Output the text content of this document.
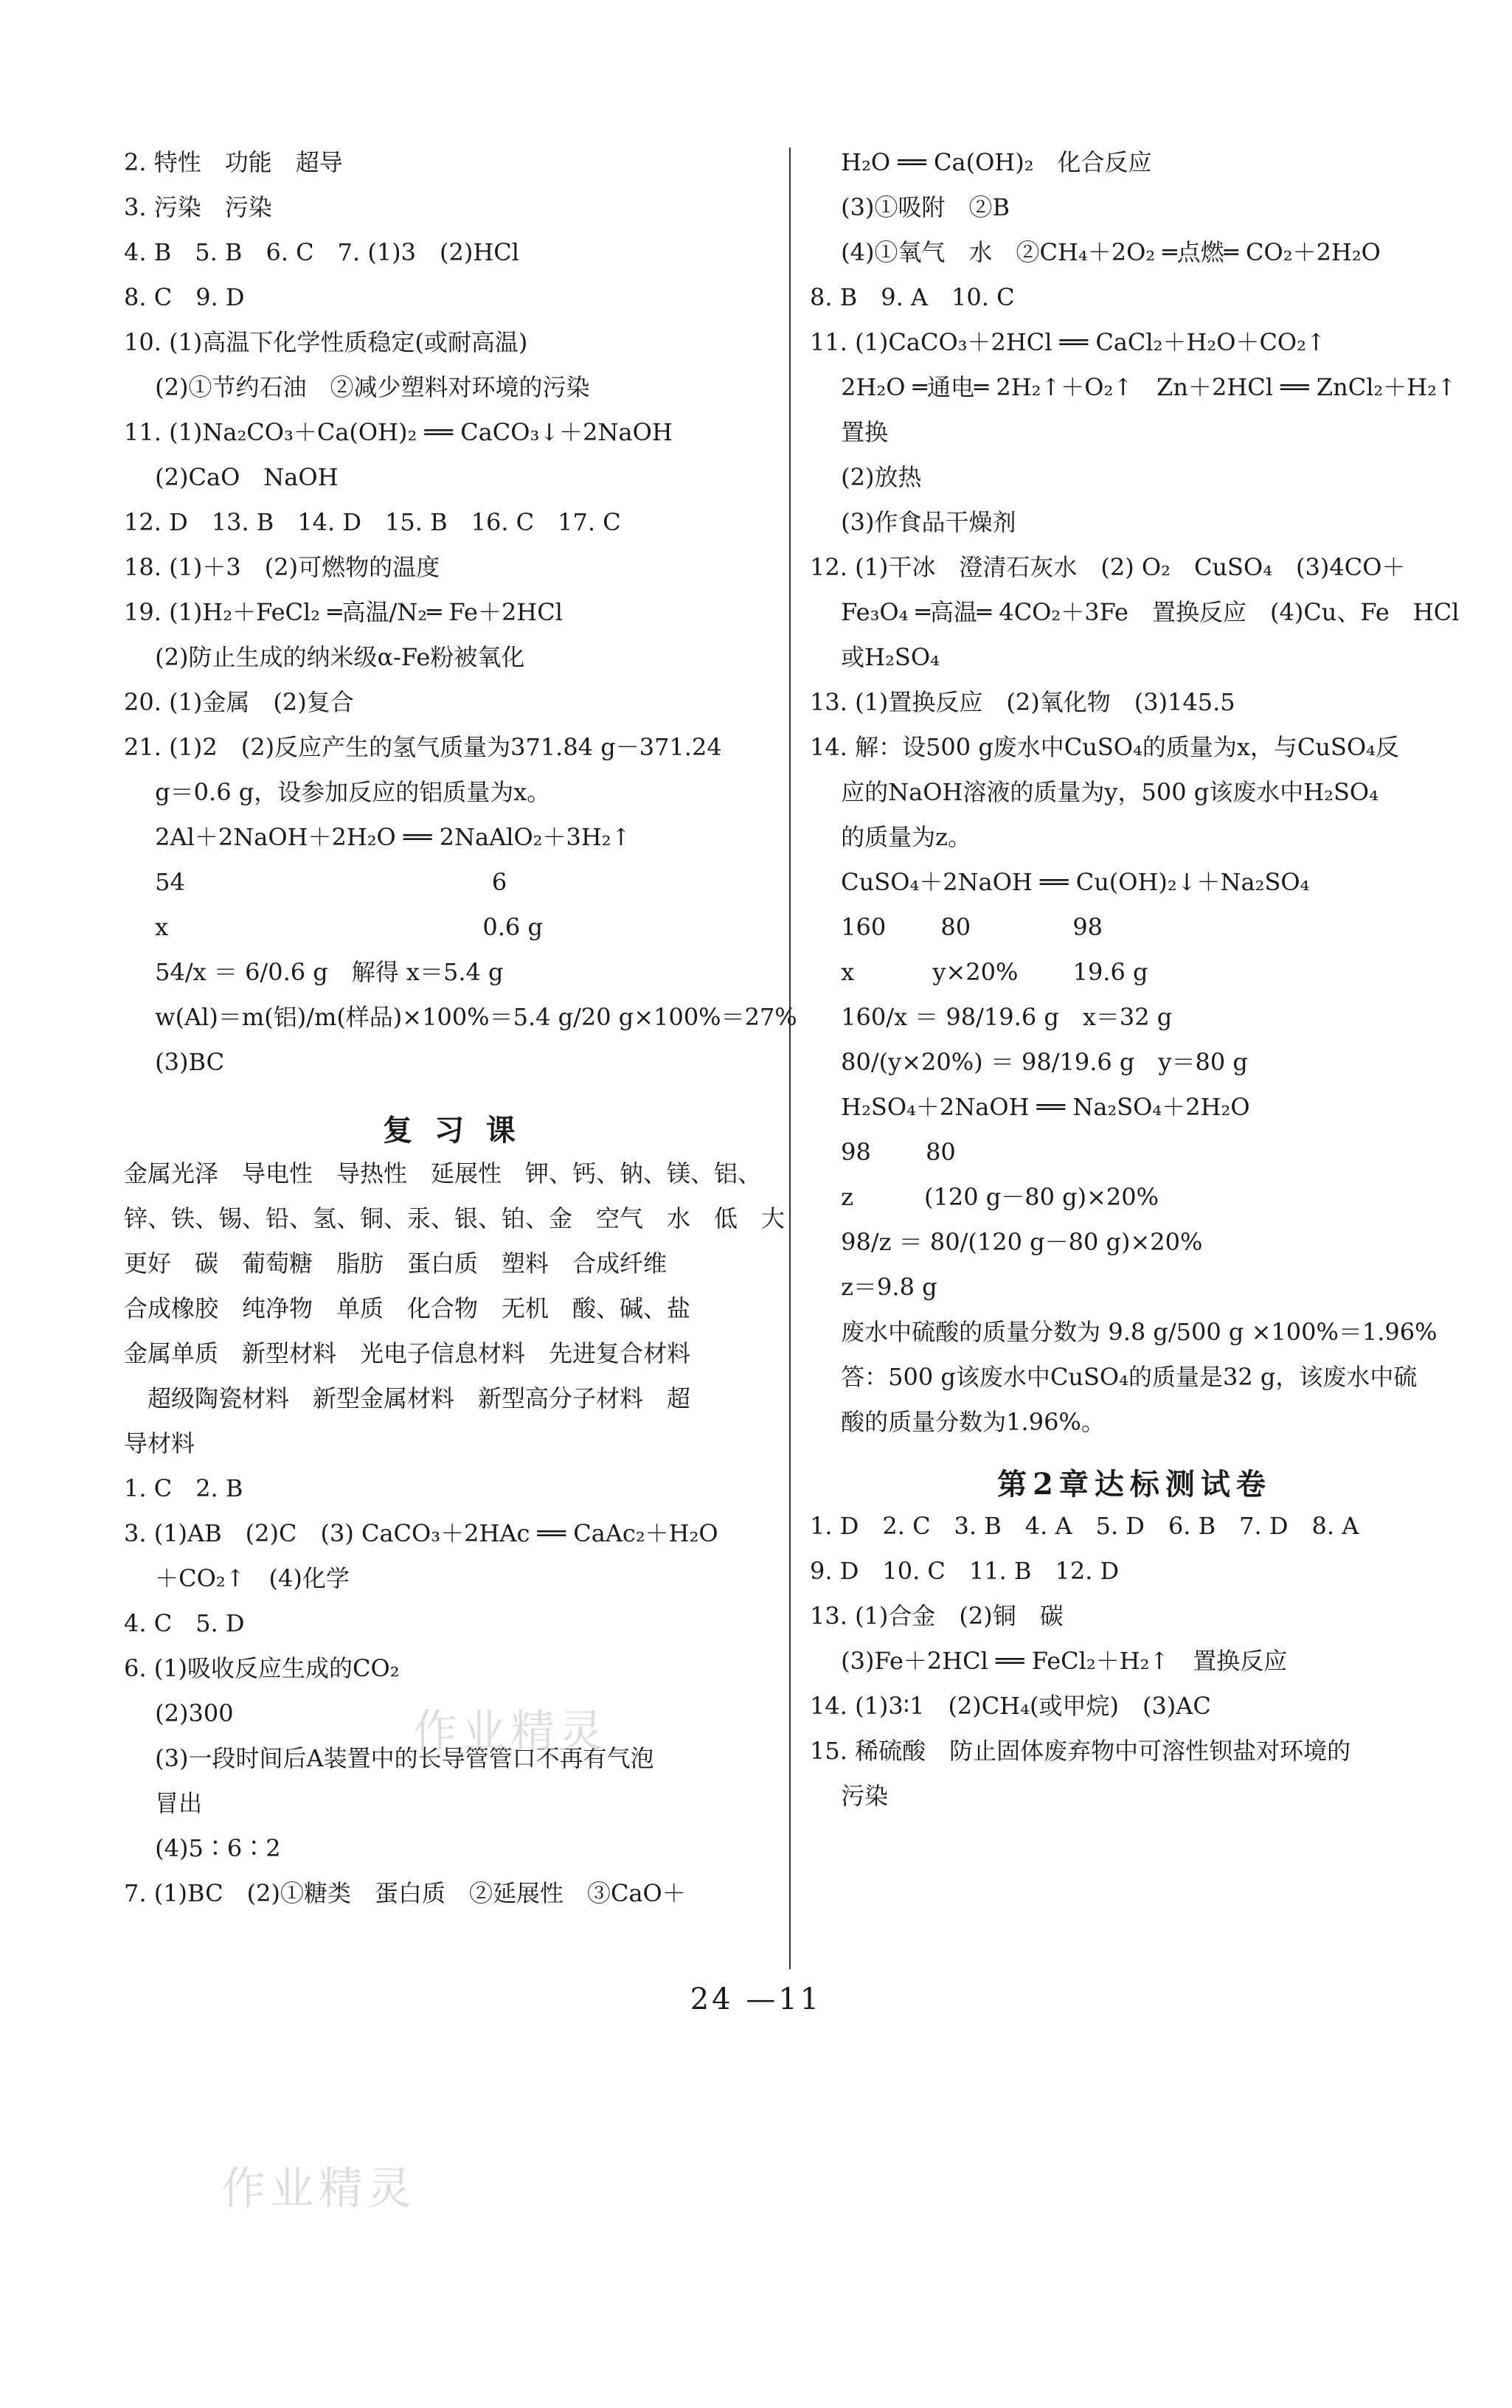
2. 特性　功能　超导
3. 污染　污染
4. B　5. B　6. C　7. (1)3　(2)HCl
8. C　9. D
10. (1)高温下化学性质稳定(或耐高温)
　 (2)①节约石油　②减少塑料对环境的污染
11. (1)Na₂CO₃＋Ca(OH)₂ ══ CaCO₃↓＋2NaOH
　 (2)CaO　NaOH
12. D　13. B　14. D　15. B　16. C　17. C
18. (1)＋3　(2)可燃物的温度
19. (1)H₂＋FeCl₂ ═高温/N₂═ Fe＋2HCl
　 (2)防止生成的纳米级α-Fe粉被氧化
20. (1)金属　(2)复合
21. (1)2　(2)反应产生的氢气质量为371.84 g－371.24
　 g＝0.6 g，设参加反应的铝质量为x。
　 2Al＋2NaOH＋2H₂O ══ 2NaAlO₂＋3H₂↑
　 54　　　　　　　　　　　　　6
　 x　　　　　　　　　　　　　 0.6 g
　 54/x ＝ 6/0.6 g　解得 x＝5.4 g
　 w(Al)＝m(铝)/m(样品)×100%＝5.4 g/20 g×100%＝27%
　 (3)BC
复 习 课
金属光泽　导电性　导热性　延展性　钾、钙、钠、镁、铝、
锌、铁、锡、铅、氢、铜、汞、银、铂、金　空气　水　低　大
更好　碳　葡萄糖　脂肪　蛋白质　塑料　合成纤维
合成橡胶　纯净物　单质　化合物　无机　酸、碱、盐
金属单质　新型材料　光电子信息材料　先进复合材料
　超级陶瓷材料　新型金属材料　新型高分子材料　超
导材料
1. C　2. B
3. (1)AB　(2)C　(3) CaCO₃＋2HAc ══ CaAc₂＋H₂O
　 ＋CO₂↑　(4)化学
4. C　5. D
6. (1)吸收反应生成的CO₂
　 (2)300
　 (3)一段时间后A装置中的长导管管口不再有气泡
　 冒出
　 (4)5∶6∶2
7. (1)BC　(2)①糖类　蛋白质　②延展性　③CaO＋
　 H₂O ══ Ca(OH)₂　化合反应
　 (3)①吸附　②B
　 (4)①氧气　水　②CH₄＋2O₂ ═点燃═ CO₂＋2H₂O
8. B　9. A　10. C
11. (1)CaCO₃＋2HCl ══ CaCl₂＋H₂O＋CO₂↑
　 2H₂O ═通电═ 2H₂↑＋O₂↑　Zn＋2HCl ══ ZnCl₂＋H₂↑
　 置换
　 (2)放热
　 (3)作食品干燥剂
12. (1)干冰　澄清石灰水　(2) O₂　CuSO₄　(3)4CO＋
　 Fe₃O₄ ═高温═ 4CO₂＋3Fe　置换反应　(4)Cu、Fe　HCl
　 或H₂SO₄
13. (1)置换反应　(2)氧化物　(3)145.5
14. 解：设500 g废水中CuSO₄的质量为x，与CuSO₄反
　 应的NaOH溶液的质量为y，500 g该废水中H₂SO₄
　 的质量为z。
　 CuSO₄＋2NaOH ══ Cu(OH)₂↓＋Na₂SO₄
　 160　　 80　　　　 98
　 x　　　 y×20%　　 19.6 g
　 160/x ＝ 98/19.6 g　x＝32 g
　 80/(y×20%) ＝ 98/19.6 g　y＝80 g
　 H₂SO₄＋2NaOH ══ Na₂SO₄＋2H₂O
　 98　　 80
　 z　　　(120 g－80 g)×20%
　 98/z ＝ 80/(120 g－80 g)×20%
　 z＝9.8 g
　 废水中硫酸的质量分数为 9.8 g/500 g ×100%＝1.96%
　 答：500 g该废水中CuSO₄的质量是32 g，该废水中硫
　 酸的质量分数为1.96%。
第2章达标测试卷
1. D　2. C　3. B　4. A　5. D　6. B　7. D　8. A
9. D　10. C　11. B　12. D
13. (1)合金　(2)铜　碳
　 (3)Fe＋2HCl ══ FeCl₂＋H₂↑　置换反应
14. (1)3∶1　(2)CH₄(或甲烷)　(3)AC
15. 稀硫酸　防止固体废弃物中可溶性钡盐对环境的
　 污染
24 —11
作业精灵
作业精灵
